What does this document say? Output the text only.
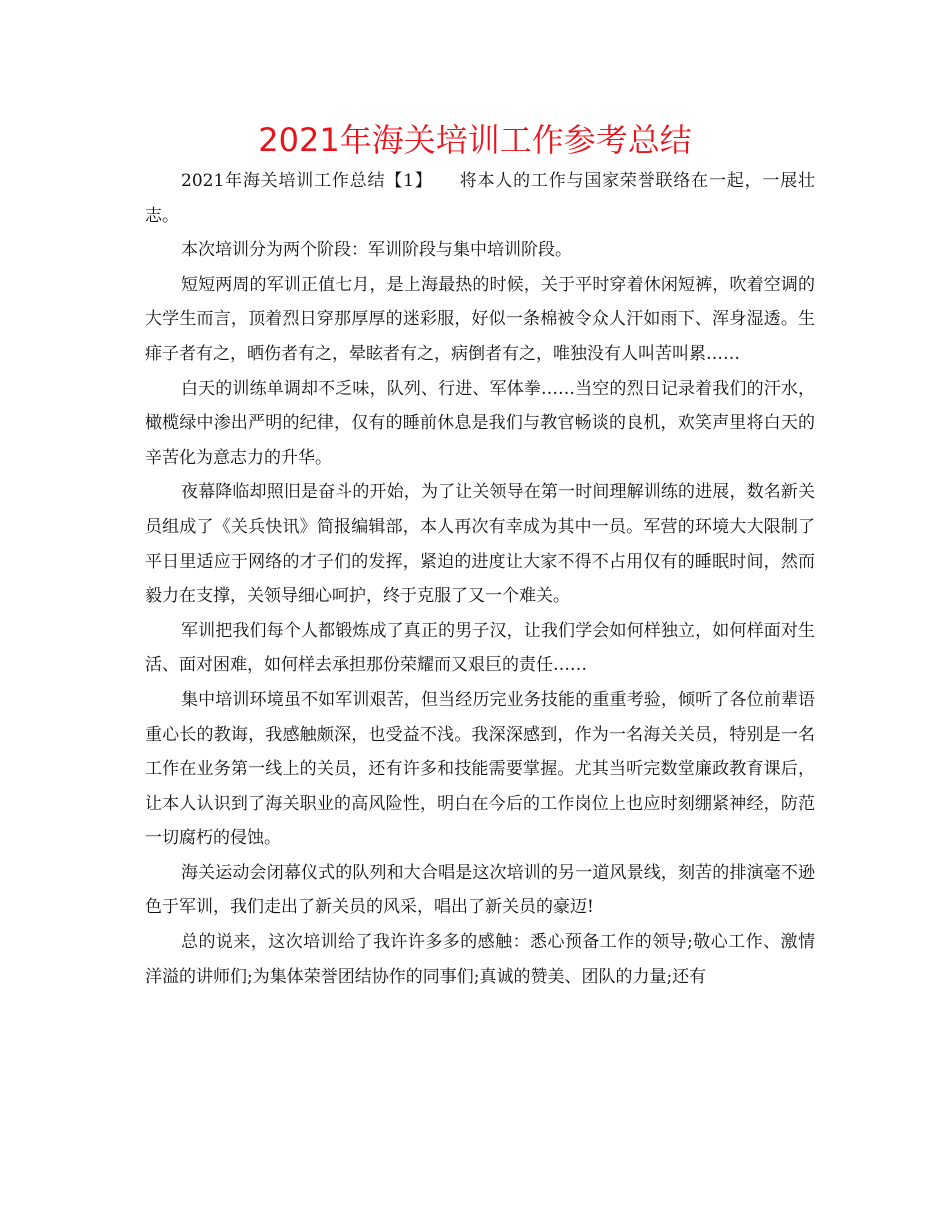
2021年海关培训工作参考总结

2021年海关培训工作总结【1】　　将本人的工作与国家荣誉联络在一起，一展壮志。

本次培训分为两个阶段：军训阶段与集中培训阶段。

短短两周的军训正值七月，是上海最热的时候，关于平时穿着休闲短裤，吹着空调的大学生而言，顶着烈日穿那厚厚的迷彩服，好似一条棉被令众人汗如雨下、浑身湿透。生痱子者有之，晒伤者有之，晕眩者有之，病倒者有之，唯独没有人叫苦叫累……

白天的训练单调却不乏味，队列、行进、军体拳……当空的烈日记录着我们的汗水，橄榄绿中渗出严明的纪律，仅有的睡前休息是我们与教官畅谈的良机，欢笑声里将白天的辛苦化为意志力的升华。

夜幕降临却照旧是奋斗的开始，为了让关领导在第一时间理解训练的进展，数名新关员组成了《关兵快讯》简报编辑部，本人再次有幸成为其中一员。军营的环境大大限制了平日里适应于网络的才子们的发挥，紧迫的进度让大家不得不占用仅有的睡眠时间，然而毅力在支撑，关领导细心呵护，终于克服了又一个难关。

军训把我们每个人都锻炼成了真正的男子汉，让我们学会如何样独立，如何样面对生活、面对困难，如何样去承担那份荣耀而又艰巨的责任……

集中培训环境虽不如军训艰苦，但当经历完业务技能的重重考验，倾听了各位前辈语重心长的教诲，我感触颇深，也受益不浅。我深深感到，作为一名海关关员，特别是一名工作在业务第一线上的关员，还有许多和技能需要掌握。尤其当听完数堂廉政教育课后，让本人认识到了海关职业的高风险性，明白在今后的工作岗位上也应时刻绷紧神经，防范一切腐朽的侵蚀。

海关运动会闭幕仪式的队列和大合唱是这次培训的另一道风景线，刻苦的排演毫不逊色于军训，我们走出了新关员的风采，唱出了新关员的豪迈!

总的说来，这次培训给了我许许多多的感触：悉心预备工作的领导;敬心工作、激情洋溢的讲师们;为集体荣誉团结协作的同事们;真诚的赞美、团队的力量;还有
